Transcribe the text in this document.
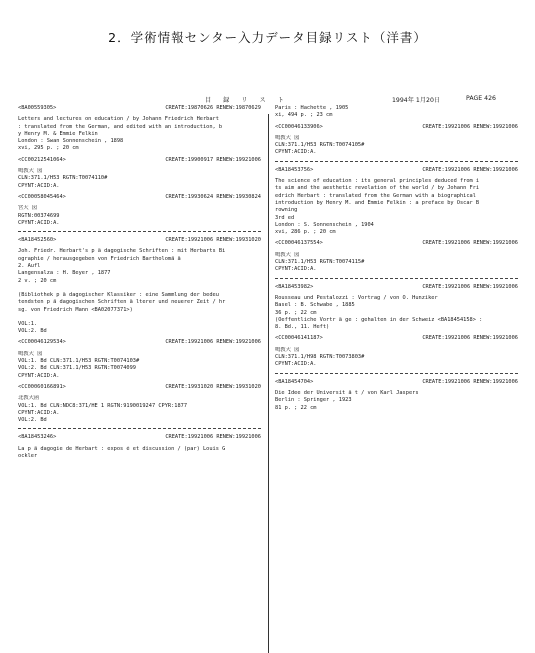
2．学術情報センター入力データ目録リスト（洋書）
目 録 リ ス ト	1994年 1月20日	PAGE 426
<BA00559305>	CREATE:19870626 RENEW:19870629
Letters and lectures on education / by Johann Friedrich Herbart
: translated from the German, and edited with an introduction, b
y Henry M. & Emmie Felkin
London : Swan Sonnenschein , 1898
xvi, 295 p. ; 20 cm
<CC00212541064>	CREATE:19900917 RENEW:19921006
鳴教大 図
CLN:371.1/H53 RGTN:T0074110#
CPYNT:ACID:A.
<CC00058045464>	CREATE:19930624 RENEW:19930824
宮大 図
RGTN:00374699
CPYNT:ACID:A.
<BA18452560>	CREATE:19921006 RENEW:19931020
Joh. Friedr. Herbart's p ä dagogische Schriften : mit Herbarts Bi
ographie / herausgegeben von Friedrich Bartholomä ä
2. Aufl
Langensalza : H. Beyer , 1877
2 v. ; 20 cm
(Bibliothek p ä dagogischer Klassiker : eine Sammlung der bedeu
tendsten p ä dagogischen Schriften ä lterer und neuerer Zeit / hr
sg. von Friedrich Mann <BA02077371>)
VOL:1.
VOL:2. Bd
<CC00046129534>	CREATE:19921006 RENEW:19921006
鳴教大 図
VOL:1. Bd CLN:371.1/H53 RGTN:T0074103#
VOL:2. Bd CLN:371.1/H53 RGTN:T0074099
CPYNT:ACID:A.
<CC00060166891>	CREATE:19931020 RENEW:19931020
北教大函
VOL:1. Bd CLN:NDC8:371/HE 1 RGTN:9190019247 CPYR:1877
CPYNT:ACID:A.
VOL:2. Bd
<BA18453246>	CREATE:19921006 RENEW:19921006
La p ä dagogie de Herbart : expos é et discussion / (par) Louis G
ockler
Paris : Hachette , 1905
xi, 494 p. ; 23 cm
<CC00046133906>	CREATE:19921006 RENEW:19921006
鳴教大 図
CLN:371.1/H53 RGTN:T0074105#
CPYNT:ACID:A.
<BA18453756>	CREATE:19921006 RENEW:19921006
The science of education : its general principles deduced from i
ts aim and the aesthetic revelation of the world / by Johann Fri
edrich Herbart : translated from the German with a biographical
introduction by Henry M. and Emmie Felkin : a preface by Oscar B
rowning
3rd ed
London : S. Sonnenschein , 1904
xvi, 286 p. ; 20 cm
<CC00046137554>	CREATE:19921006 RENEW:19921006
鳴教大 図
CLN:371.1/H53 RGTN:T0074115#
CPYNT:ACID:A.
<BA18453982>	CREATE:19921006 RENEW:19921006
Rousseau und Pestalozzi : Vortrag / von O. Hunziker
Basel : B. Schwabe , 1885
36 p. ; 22 cm
(Oeffentliche Vortr ä ge : gehalten in der Schweiz <BA18454158> :
8. Bd., 11. Heft)
<CC00046141187>	CREATE:19921006 RENEW:19921006
鳴教大 図
CLN:371.1/H98 RGTN:T0073803#
CPYNT:ACID:A.
<BA18454704>	CREATE:19921006 RENEW:19921006
Die Idee der Universit ä t / von Karl Jaspers
Berlin : Springer , 1923
81 p. ; 22 cm
